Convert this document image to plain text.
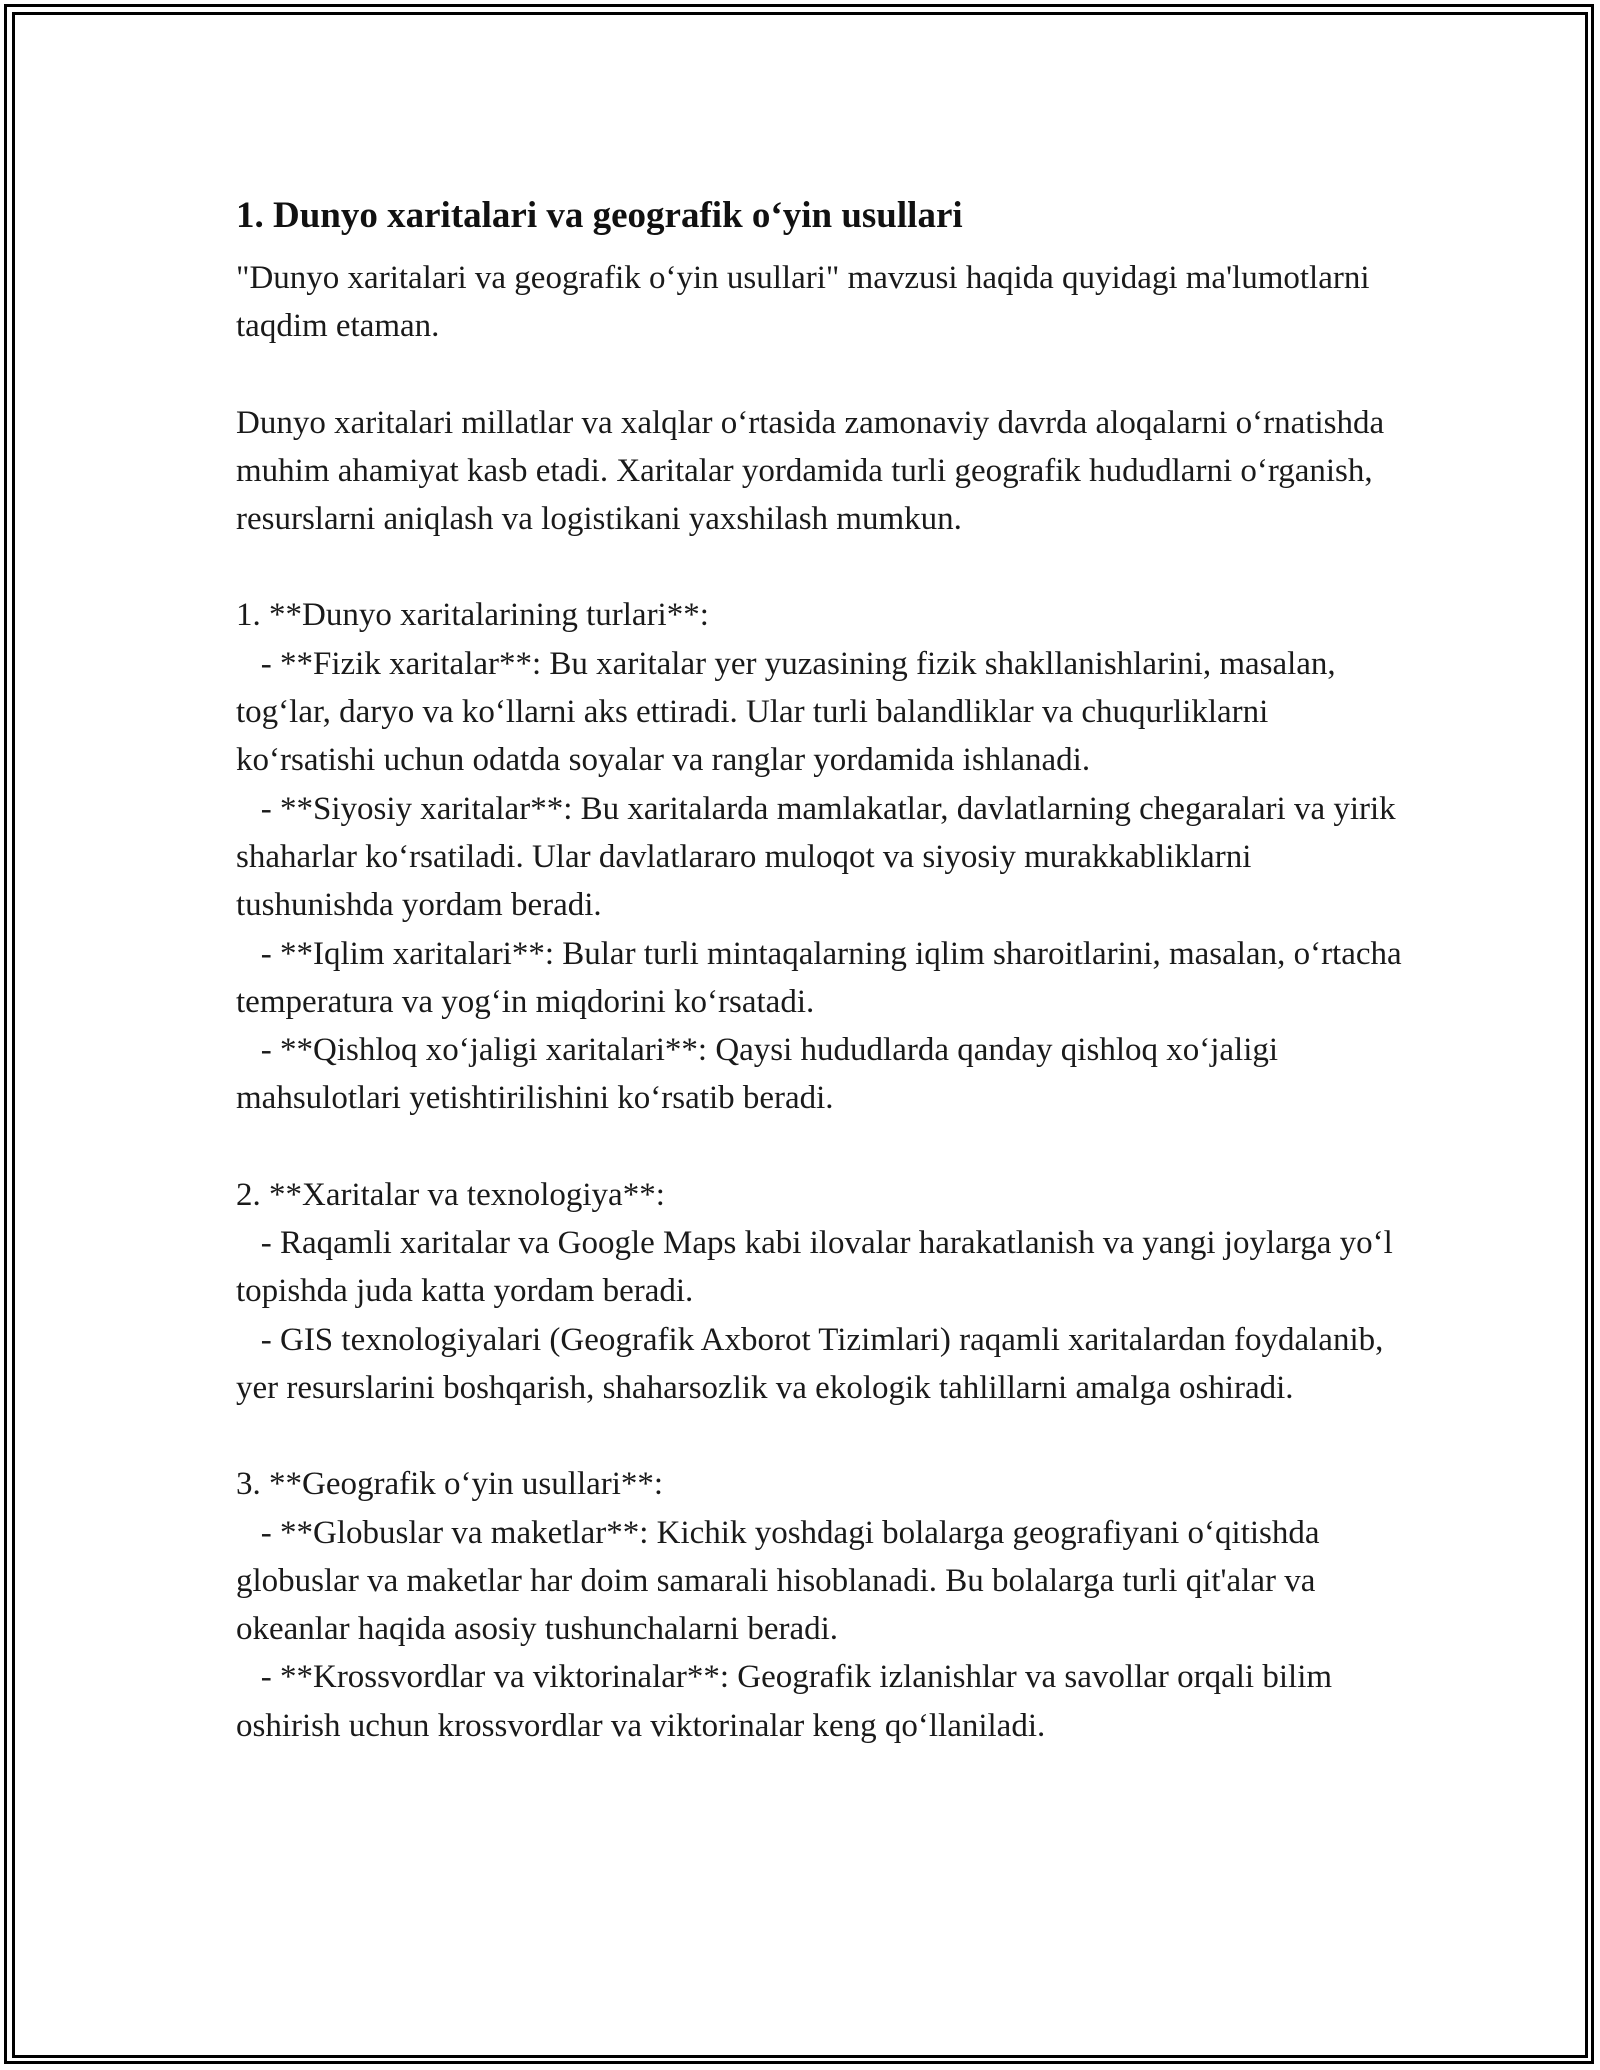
1. Dunyo xaritalari va geografik o‘yin usullari

"Dunyo xaritalari va geografik o‘yin usullari" mavzusi haqida quyidagi ma'lumotlarni taqdim etaman.

Dunyo xaritalari millatlar va xalqlar o‘rtasida zamonaviy davrda aloqalarni o‘rnatishda muhim ahamiyat kasb etadi. Xaritalar yordamida turli geografik hududlarni o‘rganish, resurslarni aniqlash va logistikani yaxshilash mumkun.

1. **Dunyo xaritalarining turlari**:

- **Fizik xaritalar**: Bu xaritalar yer yuzasining fizik shakllanishlarini, masalan, tog‘lar, daryo va ko‘llarni aks ettiradi. Ular turli balandliklar va chuqurliklarni ko‘rsatishi uchun odatda soyalar va ranglar yordamida ishlanadi.

- **Siyosiy xaritalar**: Bu xaritalarda mamlakatlar, davlatlarning chegaralari va yirik shaharlar ko‘rsatiladi. Ular davlatlararo muloqot va siyosiy murakkabliklarni tushunishda yordam beradi.

- **Iqlim xaritalari**: Bular turli mintaqalarning iqlim sharoitlarini, masalan, o‘rtacha temperatura va yog‘in miqdorini ko‘rsatadi.

- **Qishloq xo‘jaligi xaritalari**: Qaysi hududlarda qanday qishloq xo‘jaligi mahsulotlari yetishtirilishini ko‘rsatib beradi.

2. **Xaritalar va texnologiya**:

- Raqamli xaritalar va Google Maps kabi ilovalar harakatlanish va yangi joylarga yo‘l topishda juda katta yordam beradi.

- GIS texnologiyalari (Geografik Axborot Tizimlari) raqamli xaritalardan foydalanib, yer resurslarini boshqarish, shaharsozlik va ekologik tahlillarni amalga oshiradi.

3. **Geografik o‘yin usullari**:

- **Globuslar va maketlar**: Kichik yoshdagi bolalarga geografiyani o‘qitishda globuslar va maketlar har doim samarali hisoblanadi. Bu bolalarga turli qit'alar va okeanlar haqida asosiy tushunchalarni beradi.

- **Krossvordlar va viktorinalar**: Geografik izlanishlar va savollar orqali bilim oshirish uchun krossvordlar va viktorinalar keng qo‘llaniladi.
